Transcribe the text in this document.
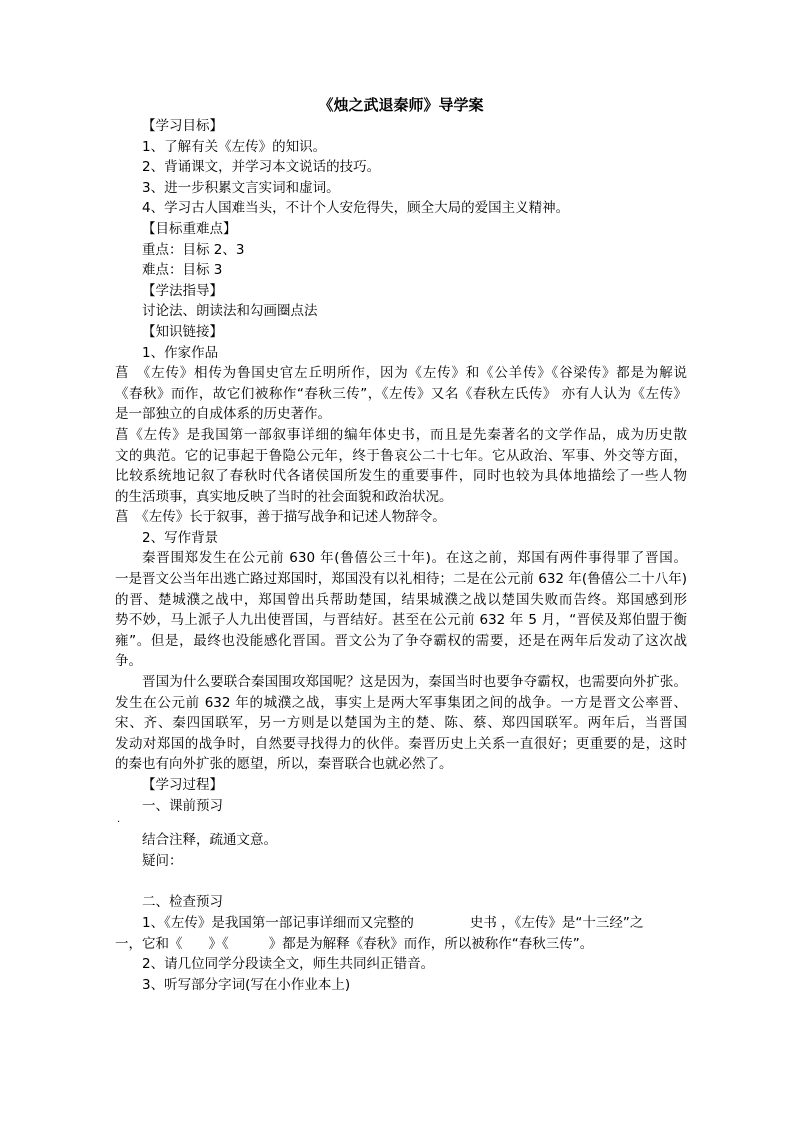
《烛之武退秦师》导学案
【学习目标】
1、了解有关《左传》的知识。
2、背诵课文，并学习本文说话的技巧。
3、进一步积累文言实词和虚词。
4、学习古人国难当头，不计个人安危得失，顾全大局的爱国主义精神。
【目标重难点】
重点：目标 2、3
难点：目标 3
【学法指导】
讨论法、朗读法和勾画圈点法
【知识链接】
1、作家作品
菖　《左传》相传为鲁国史官左丘明所作，因为《左传》和《公羊传》《谷梁传》都是为解说
《春秋》而作，故它们被称作“春秋三传”，《左传》又名《春秋左氏传》 亦有人认为《左传》
是一部独立的自成体系的历史著作。
菖《左传》是我国第一部叙事详细的编年体史书，而且是先秦著名的文学作品，成为历史散
文的典范。它的记事起于鲁隐公元年，终于鲁哀公二十七年。它从政治、军事、外交等方面，
比较系统地记叙了春秋时代各诸侯国所发生的重要事件，同时也较为具体地描绘了一些人物
的生活琐事，真实地反映了当时的社会面貌和政治状况。
菖　《左传》长于叙事，善于描写战争和记述人物辞令。
2、写作背景
秦晋围郑发生在公元前 630 年(鲁僖公三十年)。在这之前，郑国有两件事得罪了晋国。
一是晋文公当年出逃亡路过郑国时，郑国没有以礼相待；二是在公元前 632 年(鲁僖公二十八年)
的晋、楚城濮之战中，郑国曾出兵帮助楚国，结果城濮之战以楚国失败而告终。郑国感到形
势不妙，马上派子人九出使晋国，与晋结好。甚至在公元前 632 年 5 月，“晋侯及郑伯盟于衡
雍”。但是，最终也没能感化晋国。晋文公为了争夺霸权的需要，还是在两年后发动了这次战
争。
晋国为什么要联合秦国围攻郑国呢？这是因为，秦国当时也要争夺霸权，也需要向外扩张。
发生在公元前 632 年的城濮之战，事实上是两大军事集团之间的战争。一方是晋文公率晋、
宋、齐、秦四国联军，另一方则是以楚国为主的楚、陈、蔡、郑四国联军。两年后，当晋国
发动对郑国的战争时，自然要寻找得力的伙伴。秦晋历史上关系一直很好；更重要的是，这时
的秦也有向外扩张的愿望，所以，秦晋联合也就必然了。
【学习过程】
一、课前预习
·
结合注释，疏通文意。
疑问：
二、检查预习
1、《左传》是我国第一部记事详细而又完整的	史书 ，《左传》是“十三经”之
一，它和《 》《	》都是为解释《春秋》而作，所以被称作“春秋三传”。
2、请几位同学分段读全文，师生共同纠正错音。
3、听写部分字词(写在小作业本上)
